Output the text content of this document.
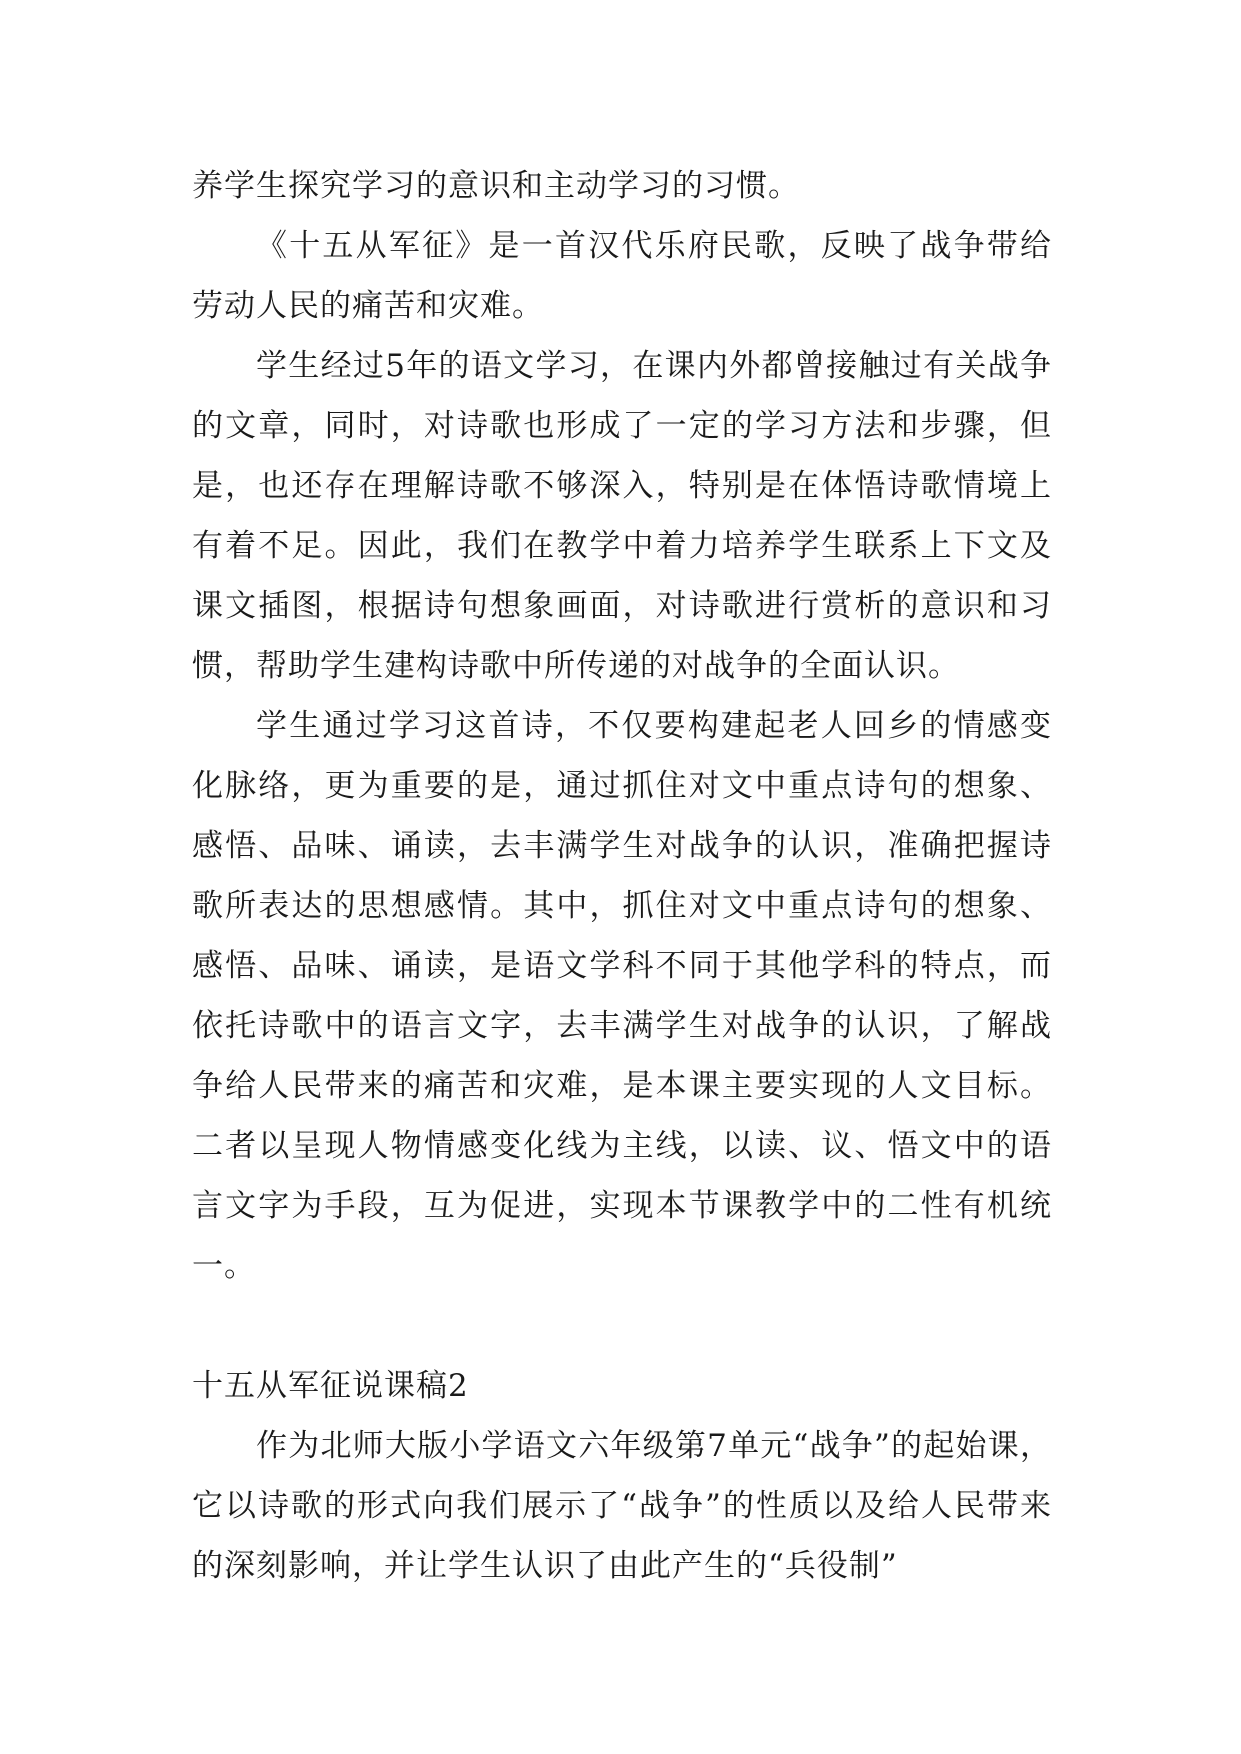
养学生探究学习的意识和主动学习的习惯。

《十五从军征》是一首汉代乐府民歌，反映了战争带给劳动人民的痛苦和灾难。

学生经过5年的语文学习，在课内外都曾接触过有关战争的文章，同时，对诗歌也形成了一定的学习方法和步骤，但是，也还存在理解诗歌不够深入，特别是在体悟诗歌情境上有着不足。因此，我们在教学中着力培养学生联系上下文及课文插图，根据诗句想象画面，对诗歌进行赏析的意识和习惯，帮助学生建构诗歌中所传递的对战争的全面认识。

学生通过学习这首诗，不仅要构建起老人回乡的情感变化脉络，更为重要的是，通过抓住对文中重点诗句的想象、感悟、品味、诵读，去丰满学生对战争的认识，准确把握诗歌所表达的思想感情。其中，抓住对文中重点诗句的想象、感悟、品味、诵读，是语文学科不同于其他学科的特点，而依托诗歌中的语言文字，去丰满学生对战争的认识，了解战争给人民带来的痛苦和灾难，是本课主要实现的人文目标。二者以呈现人物情感变化线为主线，以读、议、悟文中的语言文字为手段，互为促进，实现本节课教学中的二性有机统一。

十五从军征说课稿2

作为北师大版小学语文六年级第7单元“战争”的起始课，它以诗歌的形式向我们展示了“战争”的性质以及给人民带来的深刻影响，并让学生认识了由此产生的“兵役制”
